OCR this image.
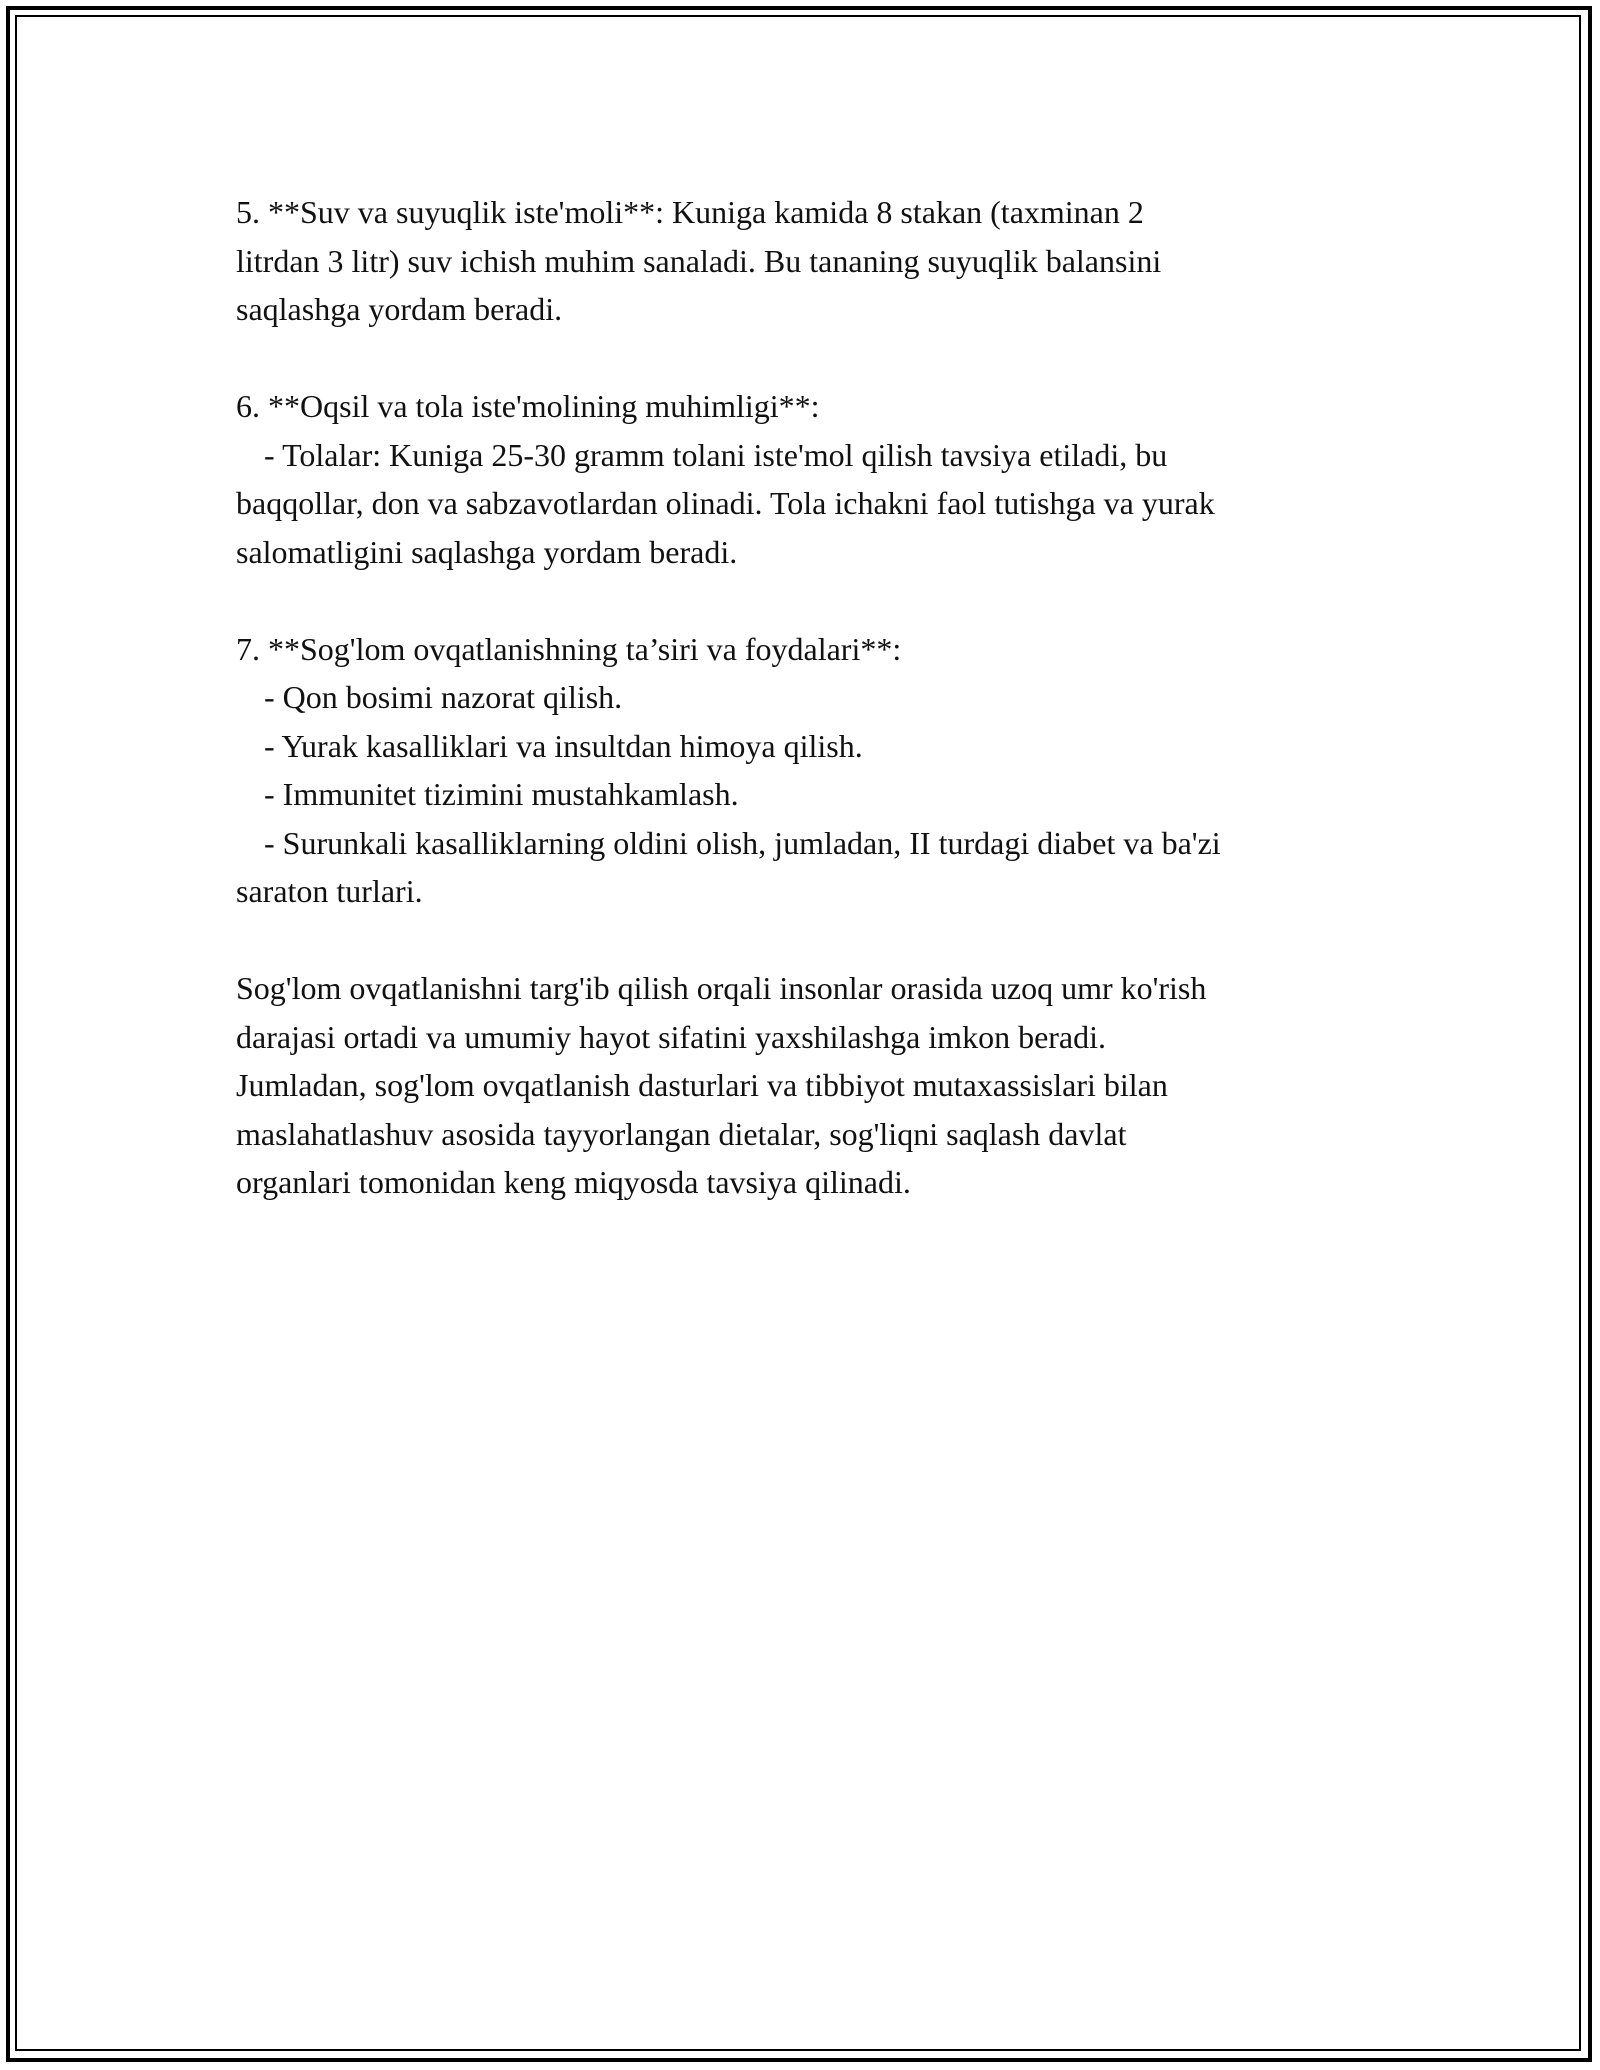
5. **Suv va suyuqlik iste'moli**: Kuniga kamida 8 stakan (taxminan 2
litrdan 3 litr) suv ichish muhim sanaladi. Bu tananing suyuqlik balansini
saqlashga yordam beradi.

6. **Oqsil va tola iste'molining muhimligi**:
- Tolalar: Kuniga 25-30 gramm tolani iste'mol qilish tavsiya etiladi, bu
baqqollar, don va sabzavotlardan olinadi. Tola ichakni faol tutishga va yurak
salomatligini saqlashga yordam beradi.

7. **Sog'lom ovqatlanishning ta’siri va foydalari**:
- Qon bosimi nazorat qilish.
- Yurak kasalliklari va insultdan himoya qilish.
- Immunitet tizimini mustahkamlash.
- Surunkali kasalliklarning oldini olish, jumladan, II turdagi diabet va ba'zi
saraton turlari.

Sog'lom ovqatlanishni targ'ib qilish orqali insonlar orasida uzoq umr ko'rish
darajasi ortadi va umumiy hayot sifatini yaxshilashga imkon beradi.
Jumladan, sog'lom ovqatlanish dasturlari va tibbiyot mutaxassislari bilan
maslahatlashuv asosida tayyorlangan dietalar, sog'liqni saqlash davlat
organlari tomonidan keng miqyosda tavsiya qilinadi.
